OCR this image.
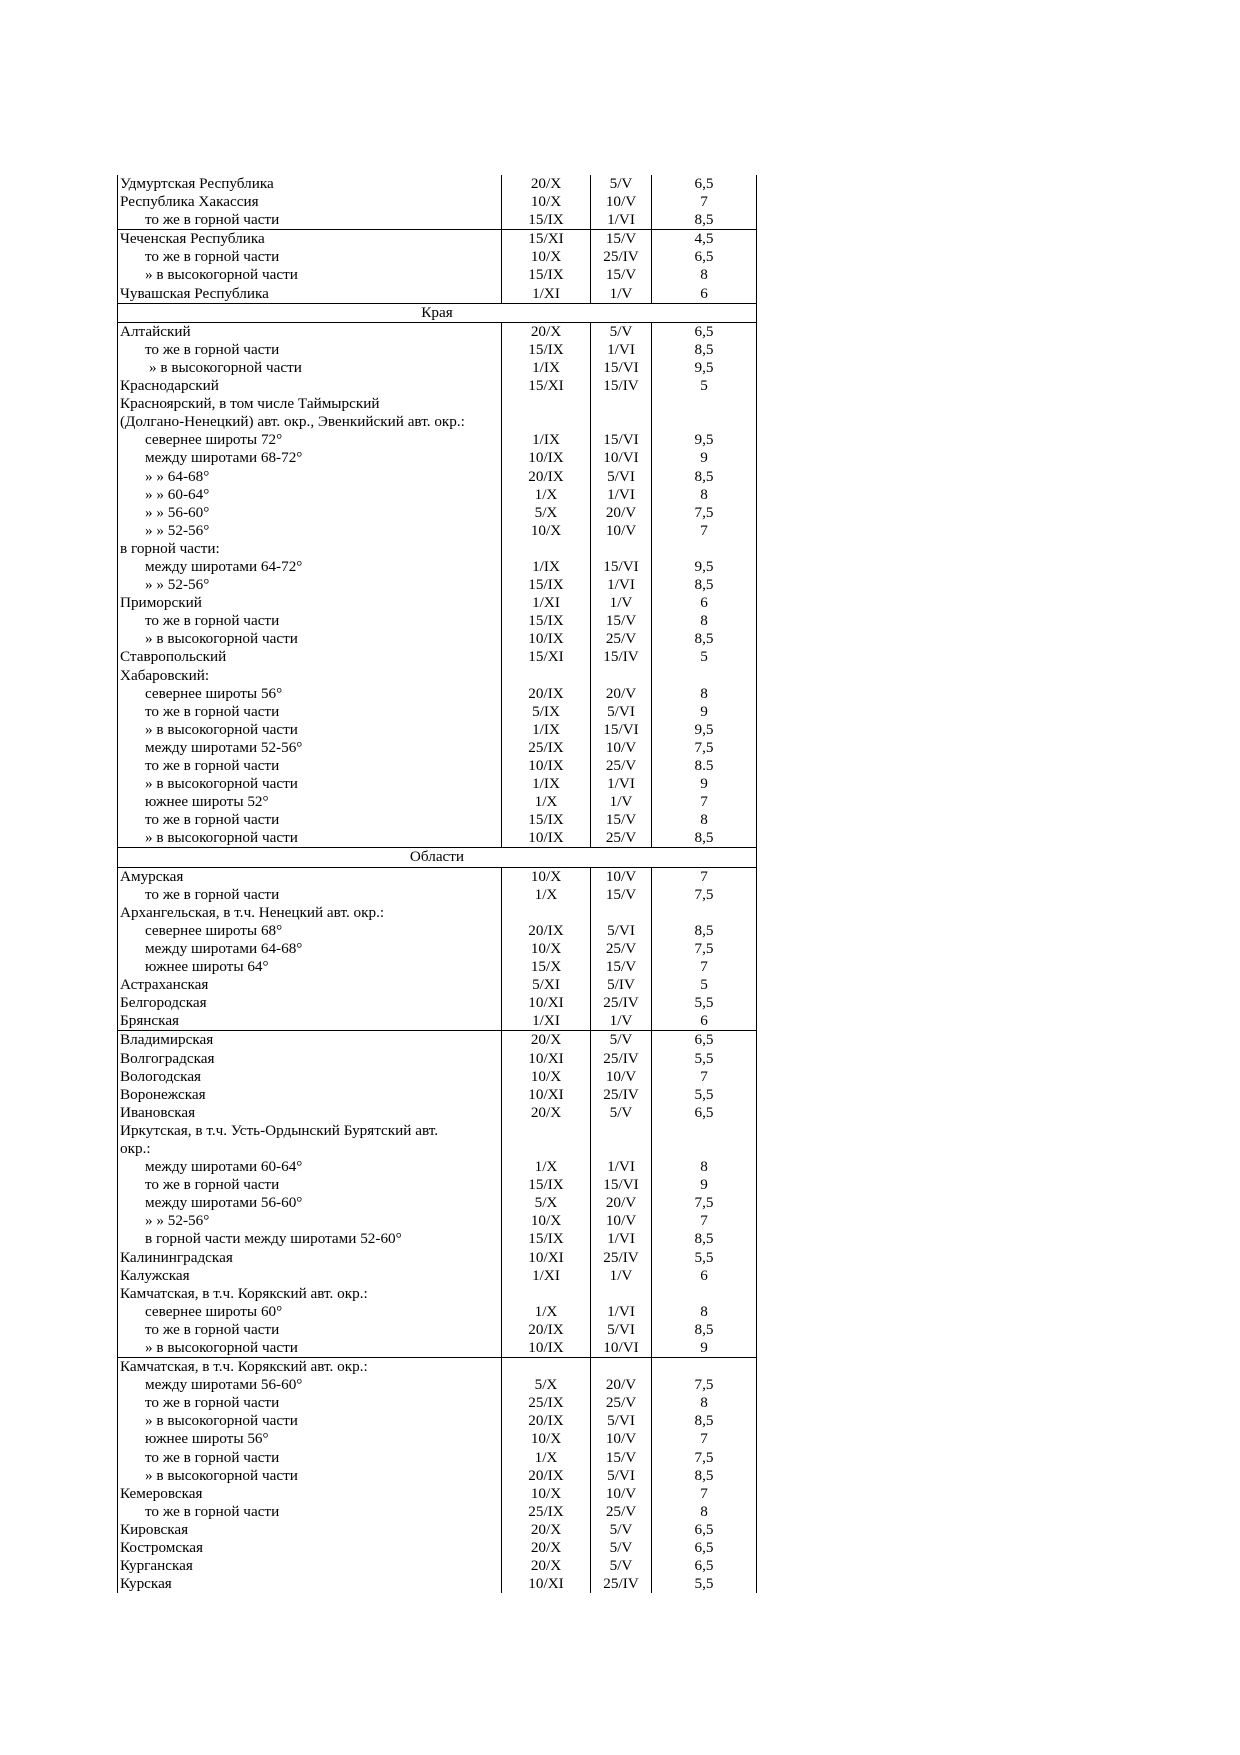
Удмуртская Республика	20/X	5/V	6,5
Республика Хакассия	10/X	10/V	7
то же в горной части	15/IX	1/VI	8,5
Чеченская Республика	15/XI	15/V	4,5
то же в горной части	10/X	25/IV	6,5
» в высокогорной части	15/IX	15/V	8
Чувашская Республика	1/XI	1/V	6
Края			
Алтайский	20/X	5/V	6,5
то же в горной части	15/IX	1/VI	8,5
» в высокогорной части	1/IX	15/VI	9,5
Краснодарский	15/XI	15/IV	5
Красноярский, в том числе Таймырский			
(Долгано-Ненецкий) авт. окр., Эвенкийский авт. окр.:			
севернее широты 72°	1/IX	15/VI	9,5
между широтами 68-72°	10/IX	10/VI	9
» » 64-68°	20/IX	5/VI	8,5
» » 60-64°	1/X	1/VI	8
» » 56-60°	5/X	20/V	7,5
» » 52-56°	10/X	10/V	7
в горной части:			
между широтами 64-72°	1/IX	15/VI	9,5
» » 52-56°	15/IX	1/VI	8,5
Приморский	1/XI	1/V	6
то же в горной части	15/IX	15/V	8
» в высокогорной части	10/IX	25/V	8,5
Ставропольский	15/XI	15/IV	5
Хабаровский:			
севернее широты 56°	20/IX	20/V	8
то же в горной части	5/IX	5/VI	9
» в высокогорной части	1/IX	15/VI	9,5
между широтами 52-56°	25/IX	10/V	7,5
то же в горной части	10/IX	25/V	8.5
» в высокогорной части	1/IX	1/VI	9
южнее широты 52°	1/X	1/V	7
то же в горной части	15/IX	15/V	8
» в высокогорной части	10/IX	25/V	8,5
Области			
Амурская	10/X	10/V	7
то же в горной части	1/X	15/V	7,5
Архангельская, в т.ч. Ненецкий авт. окр.:			
севернее широты 68°	20/IX	5/VI	8,5
между широтами 64-68°	10/X	25/V	7,5
южнее широты 64°	15/X	15/V	7
Астраханская	5/XI	5/IV	5
Белгородская	10/XI	25/IV	5,5
Брянская	1/XI	1/V	6
Владимирская	20/X	5/V	6,5
Волгоградская	10/XI	25/IV	5,5
Вологодская	10/X	10/V	7
Воронежская	10/XI	25/IV	5,5
Ивановская	20/X	5/V	6,5
Иркутская, в т.ч. Усть-Ордынский Бурятский авт.			
окр.:			
между широтами 60-64°	1/X	1/VI	8
то же в горной части	15/IX	15/VI	9
между широтами 56-60°	5/X	20/V	7,5
» » 52-56°	10/X	10/V	7
в горной части между широтами 52-60°	15/IX	1/VI	8,5
Калининградская	10/XI	25/IV	5,5
Калужская	1/XI	1/V	6
Камчатская, в т.ч. Корякский авт. окр.:			
севернее широты 60°	1/X	1/VI	8
то же в горной части	20/IX	5/VI	8,5
» в высокогорной части	10/IX	10/VI	9
Камчатская, в т.ч. Корякский авт. окр.:			
между широтами 56-60°	5/X	20/V	7,5
то же в горной части	25/IX	25/V	8
» в высокогорной части	20/IX	5/VI	8,5
южнее широты 56°	10/X	10/V	7
то же в горной части	1/X	15/V	7,5
» в высокогорной части	20/IX	5/VI	8,5
Кемеровская	10/X	10/V	7
то же в горной части	25/IX	25/V	8
Кировская	20/X	5/V	6,5
Костромская	20/X	5/V	6,5
Курганская	20/X	5/V	6,5
Курская	10/XI	25/IV	5,5
